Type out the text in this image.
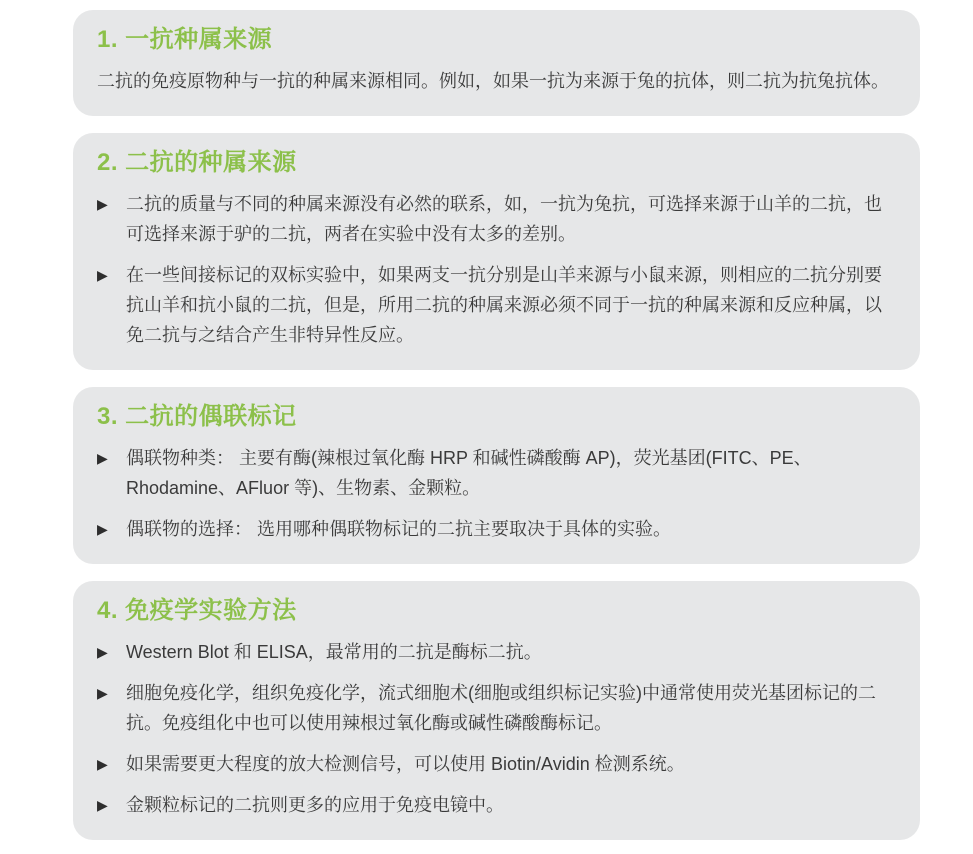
1. 一抗种属来源

二抗的免疫原物种与一抗的种属来源相同。例如，如果一抗为来源于兔的抗体，则二抗为抗兔抗体。

2. 二抗的种属来源
▶	二抗的质量与不同的种属来源没有必然的联系，如，一抗为兔抗，可选择来源于山羊的二抗，也可选择来源于驴的二抗，两者在实验中没有太多的差别。
▶	在一些间接标记的双标实验中，如果两支一抗分别是山羊来源与小鼠来源，则相应的二抗分别要抗山羊和抗小鼠的二抗，但是，所用二抗的种属来源必须不同于一抗的种属来源和反应种属，以免二抗与之结合产生非特异性反应。
3. 二抗的偶联标记
▶	偶联物种类： 主要有酶(辣根过氧化酶 HRP 和碱性磷酸酶 AP)，荧光基团(FITC、PE、Rhodamine、AFluor 等)、生物素、金颗粒。
▶	偶联物的选择： 选用哪种偶联物标记的二抗主要取决于具体的实验。
4. 免疫学实验方法
▶	Western Blot 和 ELISA，最常用的二抗是酶标二抗。
▶	细胞免疫化学，组织免疫化学，流式细胞术(细胞或组织标记实验)中通常使用荧光基团标记的二抗。免疫组化中也可以使用辣根过氧化酶或碱性磷酸酶标记。
▶	如果需要更大程度的放大检测信号，可以使用 Biotin/Avidin 检测系统。
▶	金颗粒标记的二抗则更多的应用于免疫电镜中。
